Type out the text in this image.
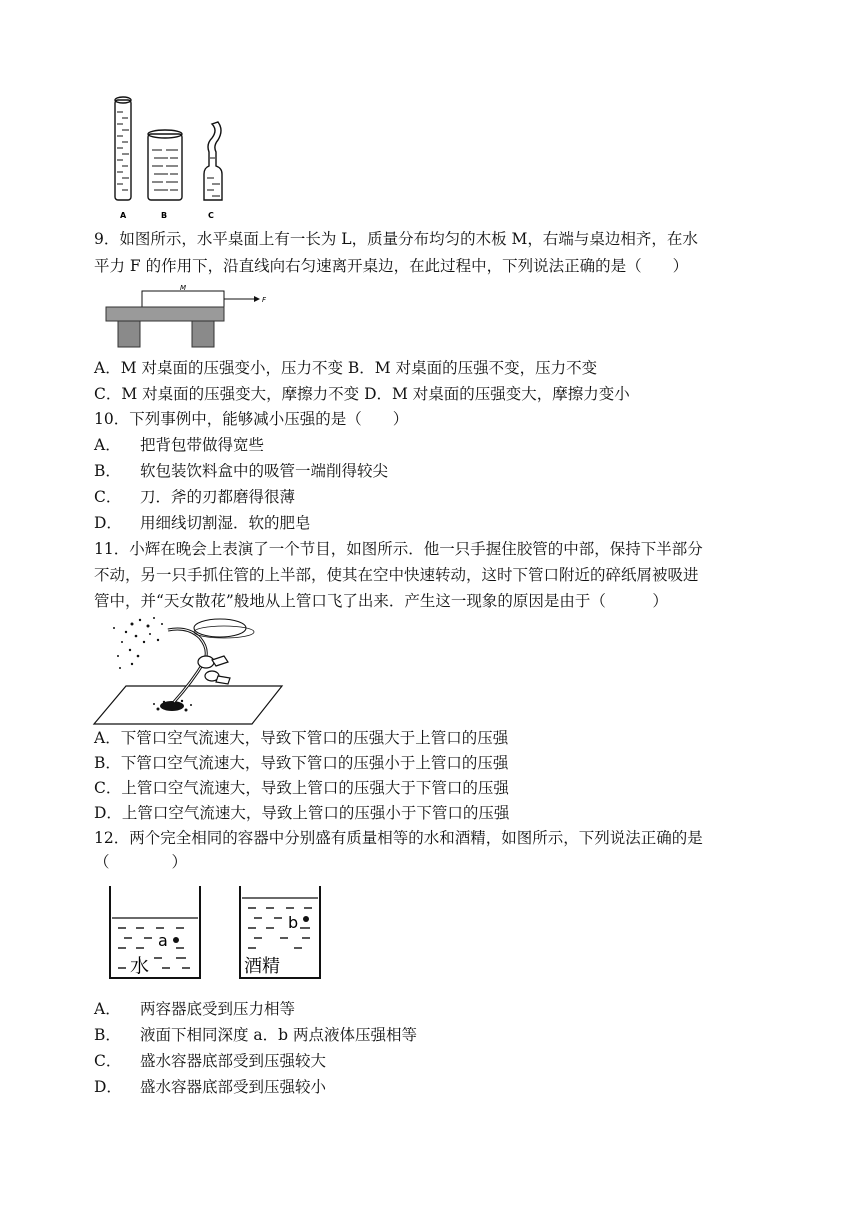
A	B	C
9．如图所示，水平桌面上有一长为 L，质量分布均匀的木板 M，右端与桌边相齐，在水
平力 F 的作用下，沿直线向右匀速离开桌边，在此过程中，下列说法正确的是（　　）
M
F
A．M 对桌面的压强变小，压力不变 B．M 对桌面的压强不变，压力不变
C．M 对桌面的压强变大，摩擦力不变 D．M 对桌面的压强变大，摩擦力变小
10．下列事例中，能够减小压强的是（　　）
A． 把背包带做得宽些
B． 软包装饮料盒中的吸管一端削得较尖
C． 刀．斧的刃都磨得很薄
D． 用细线切割湿．软的肥皂
11．小辉在晚会上表演了一个节目，如图所示．他一只手握住胶管的中部，保持下半部分
不动，另一只手抓住管的上半部，使其在空中快速转动，这时下管口附近的碎纸屑被吸进
管中，并“天女散花”般地从上管口飞了出来．产生这一现象的原因是由于（　　　）
A．下管口空气流速大，导致下管口的压强大于上管口的压强
B．下管口空气流速大，导致下管口的压强小于上管口的压强
C．上管口空气流速大，导致上管口的压强大于下管口的压强
D．上管口空气流速大，导致上管口的压强小于下管口的压强
12．两个完全相同的容器中分别盛有质量相等的水和酒精，如图所示，下列说法正确的是
（　　　　）
a
水
b
酒精
A． 两容器底受到压力相等
B． 液面下相同深度 a．b 两点液体压强相等
C． 盛水容器底部受到压强较大
D． 盛水容器底部受到压强较小
